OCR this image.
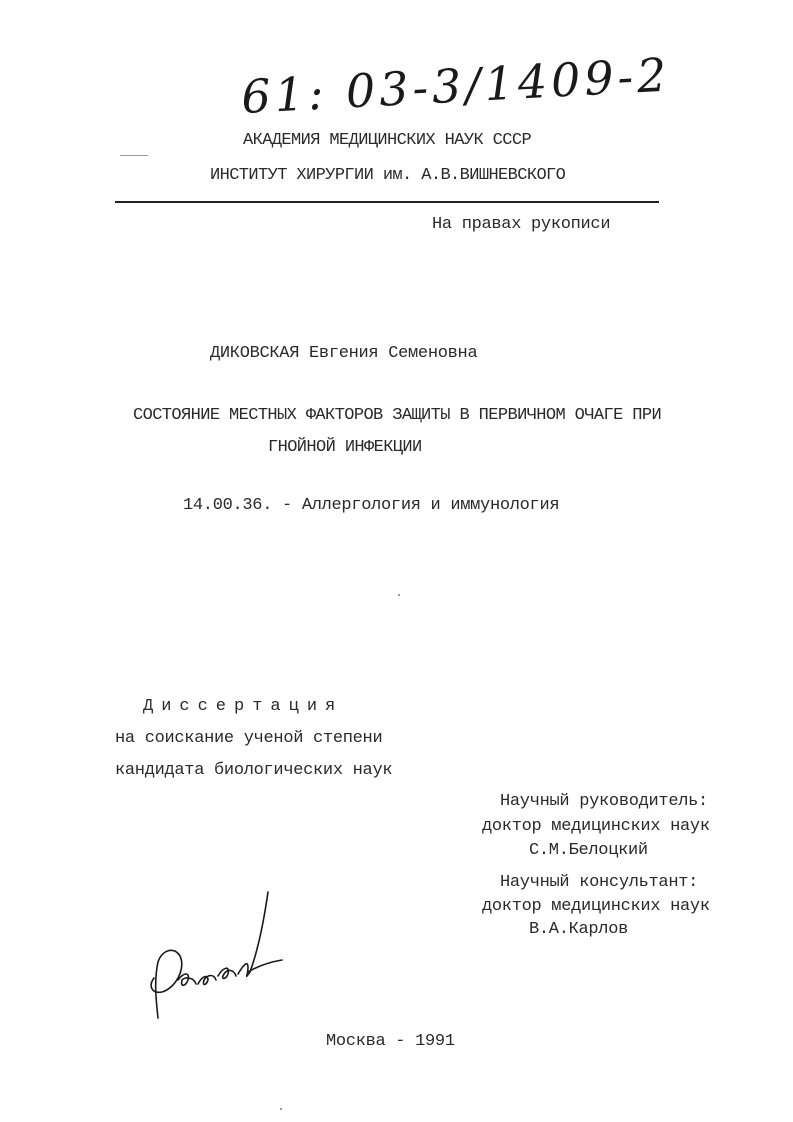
61: 03-3/1409-2
АКАДЕМИЯ МЕДИЦИНСКИХ НАУК СССР
ИНСТИТУТ ХИРУРГИИ им. А.В.ВИШНЕВСКОГО
На правах рукописи
ДИКОВСКАЯ Евгения Семеновна
СОСТОЯНИЕ МЕСТНЫХ ФАКТОРОВ ЗАЩИТЫ В ПЕРВИЧНОМ ОЧАГЕ ПРИ
ГНОЙНОЙ ИНФЕКЦИИ
14.00.36. - Аллергология и иммунология
Диссертация
на соискание ученой степени
кандидата биологических наук
Научный руководитель:
доктор медицинских наук
С.М.Белоцкий
Научный консультант:
доктор медицинских наук
В.А.Карлов
Москва - 1991
